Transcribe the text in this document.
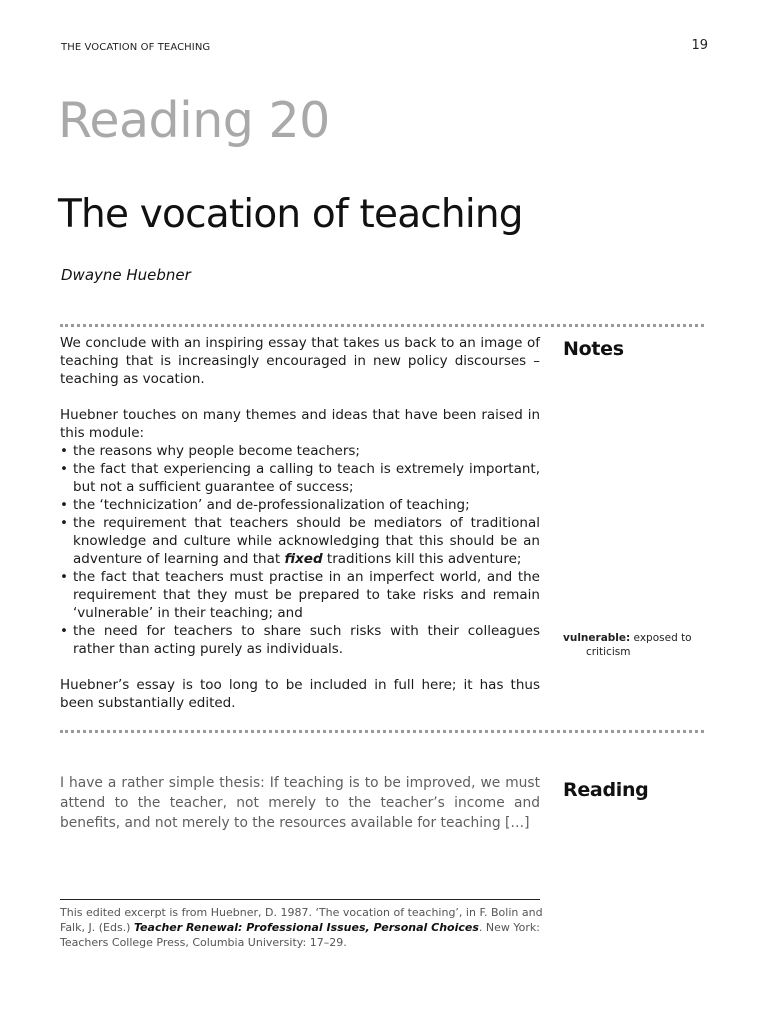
THE VOCATION OF TEACHING	19
Reading 20
The vocation of teaching
Dwayne Huebner

We conclude with an inspiring essay that takes us back to an image of teaching that is increasingly encouraged in new policy discourses – teaching as vocation.

Huebner touches on many themes and ideas that have been raised in this module:

• the reasons why people become teachers;
• the fact that experiencing a calling to teach is extremely important, but not a sufficient guarantee of success;
• the ‘technicization’ and de-professionalization of teaching;
• the requirement that teachers should be mediators of traditional knowledge and culture while acknowledging that this should be an adventure of learning and that fixed traditions kill this adventure;
• the fact that teachers must practise in an imperfect world, and the requirement that they must be prepared to take risks and remain ‘vulnerable’ in their teaching; and
• the need for teachers to share such risks with their colleagues rather than acting purely as individuals.

Huebner’s essay is too long to be included in full here; it has thus been substantially edited.

Notes
vulnerable: exposed to
criticism
I have a rather simple thesis: If teaching is to be improved, we must attend to the teacher, not merely to the teacher’s income and benefits, and not merely to the resources available for teaching […]
Reading
This edited excerpt is from Huebner, D. 1987. ‘The vocation of teaching’, in F. Bolin and Falk, J. (Eds.) Teacher Renewal: Professional Issues, Personal Choices. New York: Teachers College Press, Columbia University: 17–29.
